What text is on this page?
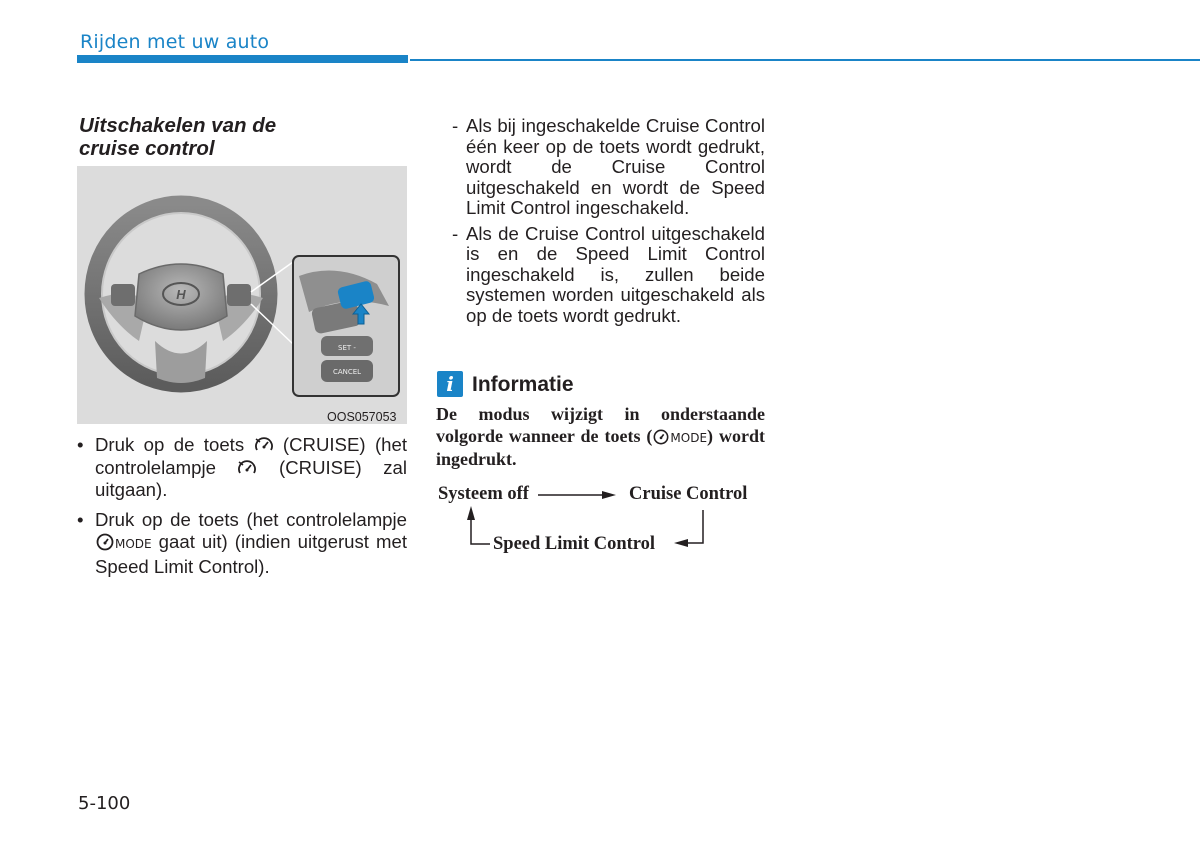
Rijden met uw auto
Uitschakelen van de
cruise control
H
SET -
CANCEL
OOS057053
• Druk op de toets  (CRUISE) (het controlelampje  (CRUISE) zal uitgaan).
• Druk op de toets (het controlelampje MODE gaat uit) (indien uitgerust met Speed Limit Control).
- Als bij ingeschakelde Cruise Control één keer op de toets wordt gedrukt, wordt de Cruise Control uitgeschakeld en wordt de Speed Limit Control ingeschakeld.
- Als de Cruise Control uitgeschakeld is en de Speed Limit Control ingeschakeld is, zullen beide systemen worden uitgeschakeld als op de toets wordt gedrukt.
i Informatie
De modus wijzigt in onderstaande volgorde wanneer de toets ( MODE) wordt ingedrukt.
Systeem off	Cruise Control
Speed Limit Control
5-100
